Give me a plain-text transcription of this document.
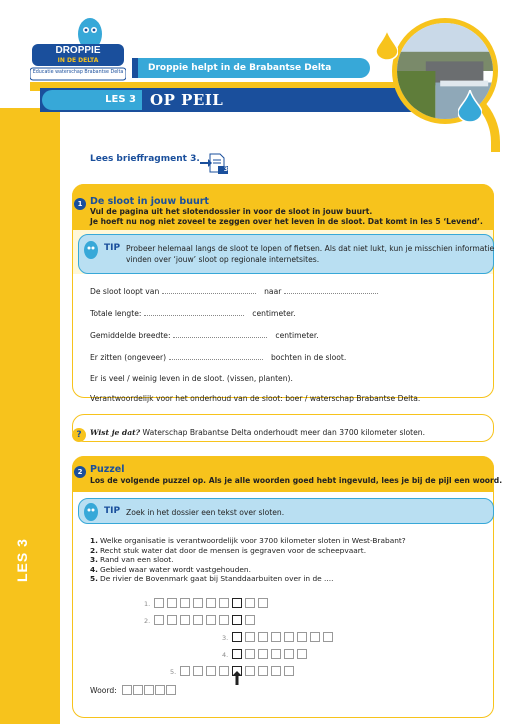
LES 3
DROPPIE
IN DE DELTA
Educatie waterschap Brabantse Delta	Droppie helpt in de Brabantse Delta
LES 3 OP PEIL
Lees brieffragment 3.
3
1 De sloot in jouw buurt
Vul de pagina uit het slotendossier in voor de sloot in jouw buurt.
Je hoeft nu nog niet zoveel te zeggen over het leven in de sloot. Dat komt in les 5 ‘Levend’.
TIP Probeer helemaal langs de sloot te lopen of fietsen. Als dat niet lukt, kun je misschien informatie
vinden over ‘jouw’ sloot op regionale internetsites.
De sloot loopt van	naar
Totale lengte:	centimeter.
Gemiddelde breedte:	centimeter.
Er zitten (ongeveer)	bochten in de sloot.
Er is veel / weinig leven in de sloot. (vissen, planten).
Verantwoordelijk voor het onderhoud van de sloot: boer / waterschap Brabantse Delta.
?	Wist je dat? Waterschap Brabantse Delta onderhoudt meer dan 3700 kilometer sloten.
2 Puzzel
Los de volgende puzzel op. Als je alle woorden goed hebt ingevuld, lees je bij de pijl een woord.
TIP Zoek in het dossier een tekst over sloten.
1. Welke organisatie is verantwoordelijk voor 3700 kilometer sloten in West-Brabant?
2. Recht stuk water dat door de mensen is gegraven voor de scheepvaart.
3. Rand van een sloot.
4. Gebied waar water wordt vastgehouden.
5. De rivier de Bovenmark gaat bij Standdaarbuiten over in de ....
1.
2.
3.
4.
5.
Woord:
